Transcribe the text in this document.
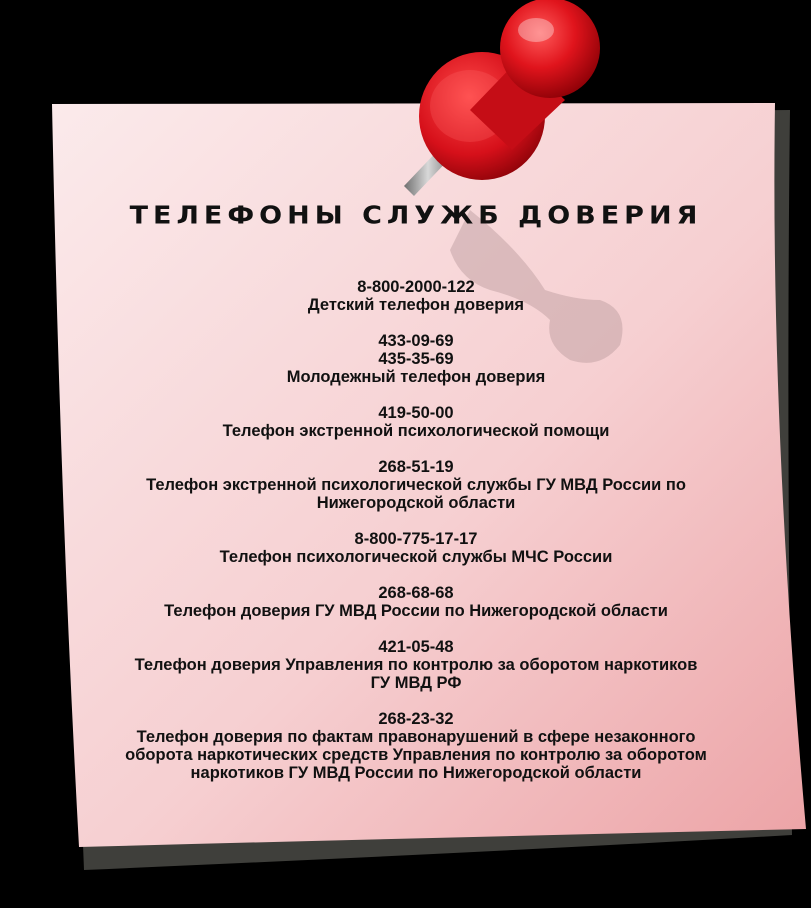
ТЕЛЕФОНЫ СЛУЖБ ДОВЕРИЯ
8-800-2000-122
Детский телефон доверия
433-09-69
435-35-69
Молодежный телефон доверия
419-50-00
Телефон экстренной психологической помощи
268-51-19
Телефон экстренной психологической службы ГУ МВД России по
Нижегородской области
8-800-775-17-17
Телефон психологической службы МЧС России
268-68-68
Телефон доверия ГУ МВД России по Нижегородской области
421-05-48
Телефон доверия Управления по контролю за оборотом наркотиков
ГУ МВД РФ
268-23-32
Телефон доверия по фактам правонарушений в сфере незаконного
оборота наркотических средств Управления по контролю за оборотом
наркотиков ГУ МВД России по Нижегородской области
